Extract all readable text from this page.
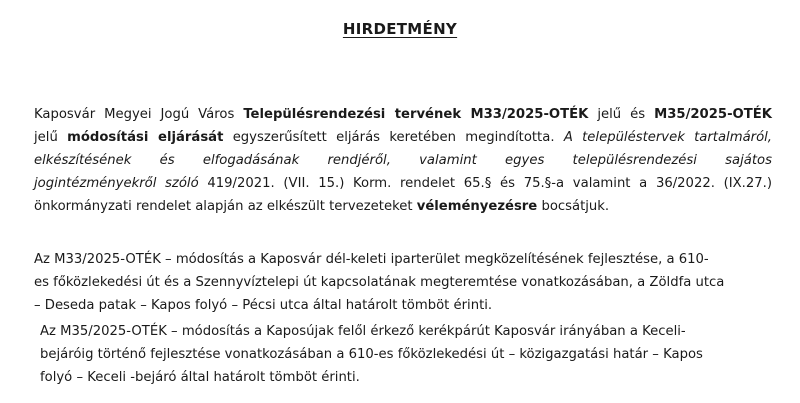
HIRDETMÉNY
Kaposvár Megyei Jogú Város Településrendezési tervének M33/2025-OTÉK jelű és M35/2025-OTÉK
jelű módosítási eljárását egyszerűsített eljárás keretében megindította. A településtervek tartalmáról,
elkészítésének és elfogadásának rendjéről, valamint egyes településrendezési sajátos
jogintézményekről szóló 419/2021. (VII. 15.) Korm. rendelet 65.§ és 75.§-a valamint a 36/2022. (IX.27.)
önkormányzati rendelet alapján az elkészült tervezeteket véleményezésre bocsátjuk.
Az M33/2025-OTÉK – módosítás a Kaposvár dél-keleti iparterület megközelítésének fejlesztése, a 610-
es főközlekedési út és a Szennyvíztelepi út kapcsolatának megteremtése vonatkozásában, a Zöldfa utca
– Deseda patak – Kapos folyó – Pécsi utca által határolt tömböt érinti.
Az M35/2025-OTÉK – módosítás a Kaposújak felől érkező kerékpárút Kaposvár irányában a Keceli-
bejáróig történő fejlesztése vonatkozásában a 610-es főközlekedési út – közigazgatási határ – Kapos
folyó – Keceli -bejáró által határolt tömböt érinti.
